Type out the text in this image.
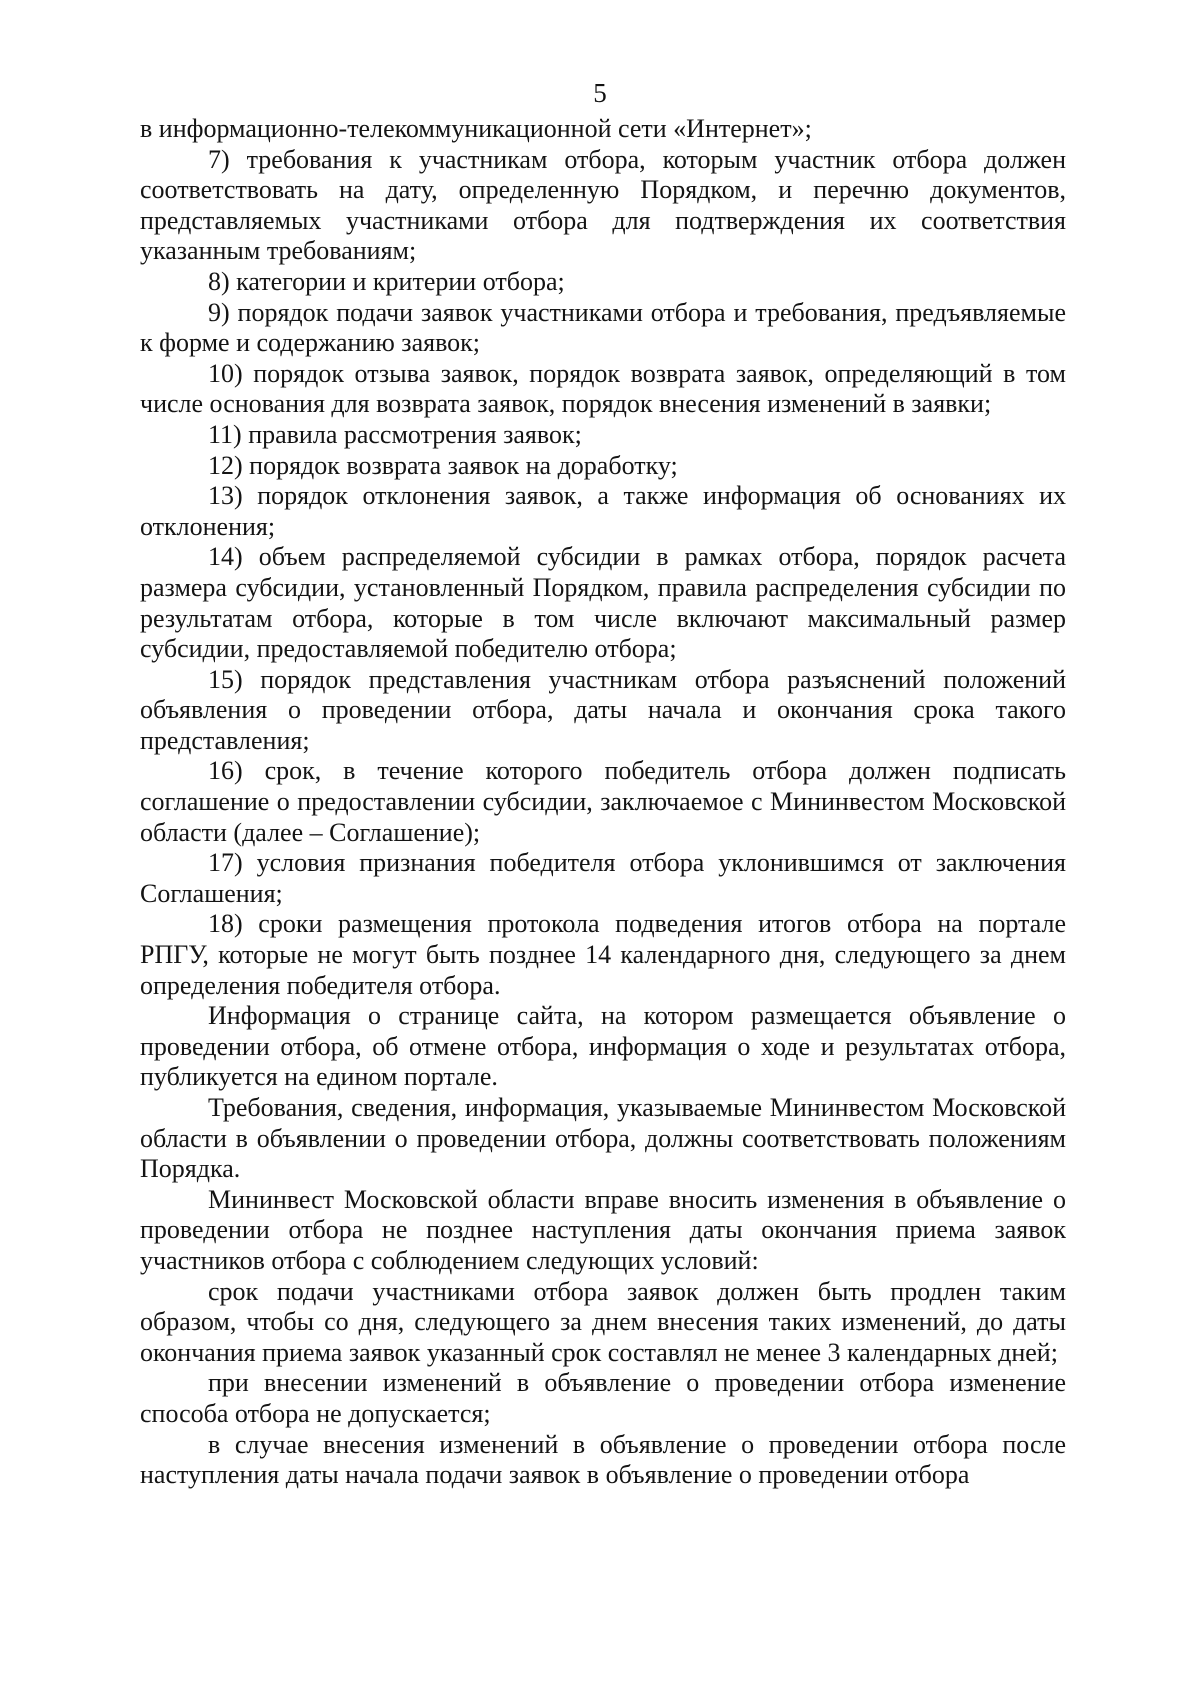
5

в информационно-телекоммуникационной сети «Интернет»;

7) требования к участникам отбора, которым участник отбора должен соответствовать на дату, определенную Порядком, и перечню документов, представляемых участниками отбора для подтверждения их соответствия указанным требованиям;

8) категории и критерии отбора;

9) порядок подачи заявок участниками отбора и требования, предъявляемые к форме и содержанию заявок;

10) порядок отзыва заявок, порядок возврата заявок, определяющий в том числе основания для возврата заявок, порядок внесения изменений в заявки;

11) правила рассмотрения заявок;

12) порядок возврата заявок на доработку;

13) порядок отклонения заявок, а также информация об основаниях их отклонения;

14) объем распределяемой субсидии в рамках отбора, порядок расчета размера субсидии, установленный Порядком, правила распределения субсидии по результатам отбора, которые в том числе включают максимальный размер субсидии, предоставляемой победителю отбора;

15) порядок представления участникам отбора разъяснений положений объявления о проведении отбора, даты начала и окончания срока такого представления;

16) срок, в течение которого победитель отбора должен подписать соглашение о предоставлении субсидии, заключаемое с Мининвестом Московской области (далее – Соглашение);

17) условия признания победителя отбора уклонившимся от заключения Соглашения;

18) сроки размещения протокола подведения итогов отбора на портале РПГУ, которые не могут быть позднее 14 календарного дня, следующего за днем определения победителя отбора.

Информация о странице сайта, на котором размещается объявление о проведении отбора, об отмене отбора, информация о ходе и результатах отбора, публикуется на едином портале.

Требования, сведения, информация, указываемые Мининвестом Московской области в объявлении о проведении отбора, должны соответствовать положениям Порядка.

Мининвест Московской области вправе вносить изменения в объявление о проведении отбора не позднее наступления даты окончания приема заявок участников отбора с соблюдением следующих условий:

срок подачи участниками отбора заявок должен быть продлен таким образом, чтобы со дня, следующего за днем внесения таких изменений, до даты окончания приема заявок указанный срок составлял не менее 3 календарных дней;

при внесении изменений в объявление о проведении отбора изменение способа отбора не допускается;

в случае внесения изменений в объявление о проведении отбора после наступления даты начала подачи заявок в объявление о проведении отбора
